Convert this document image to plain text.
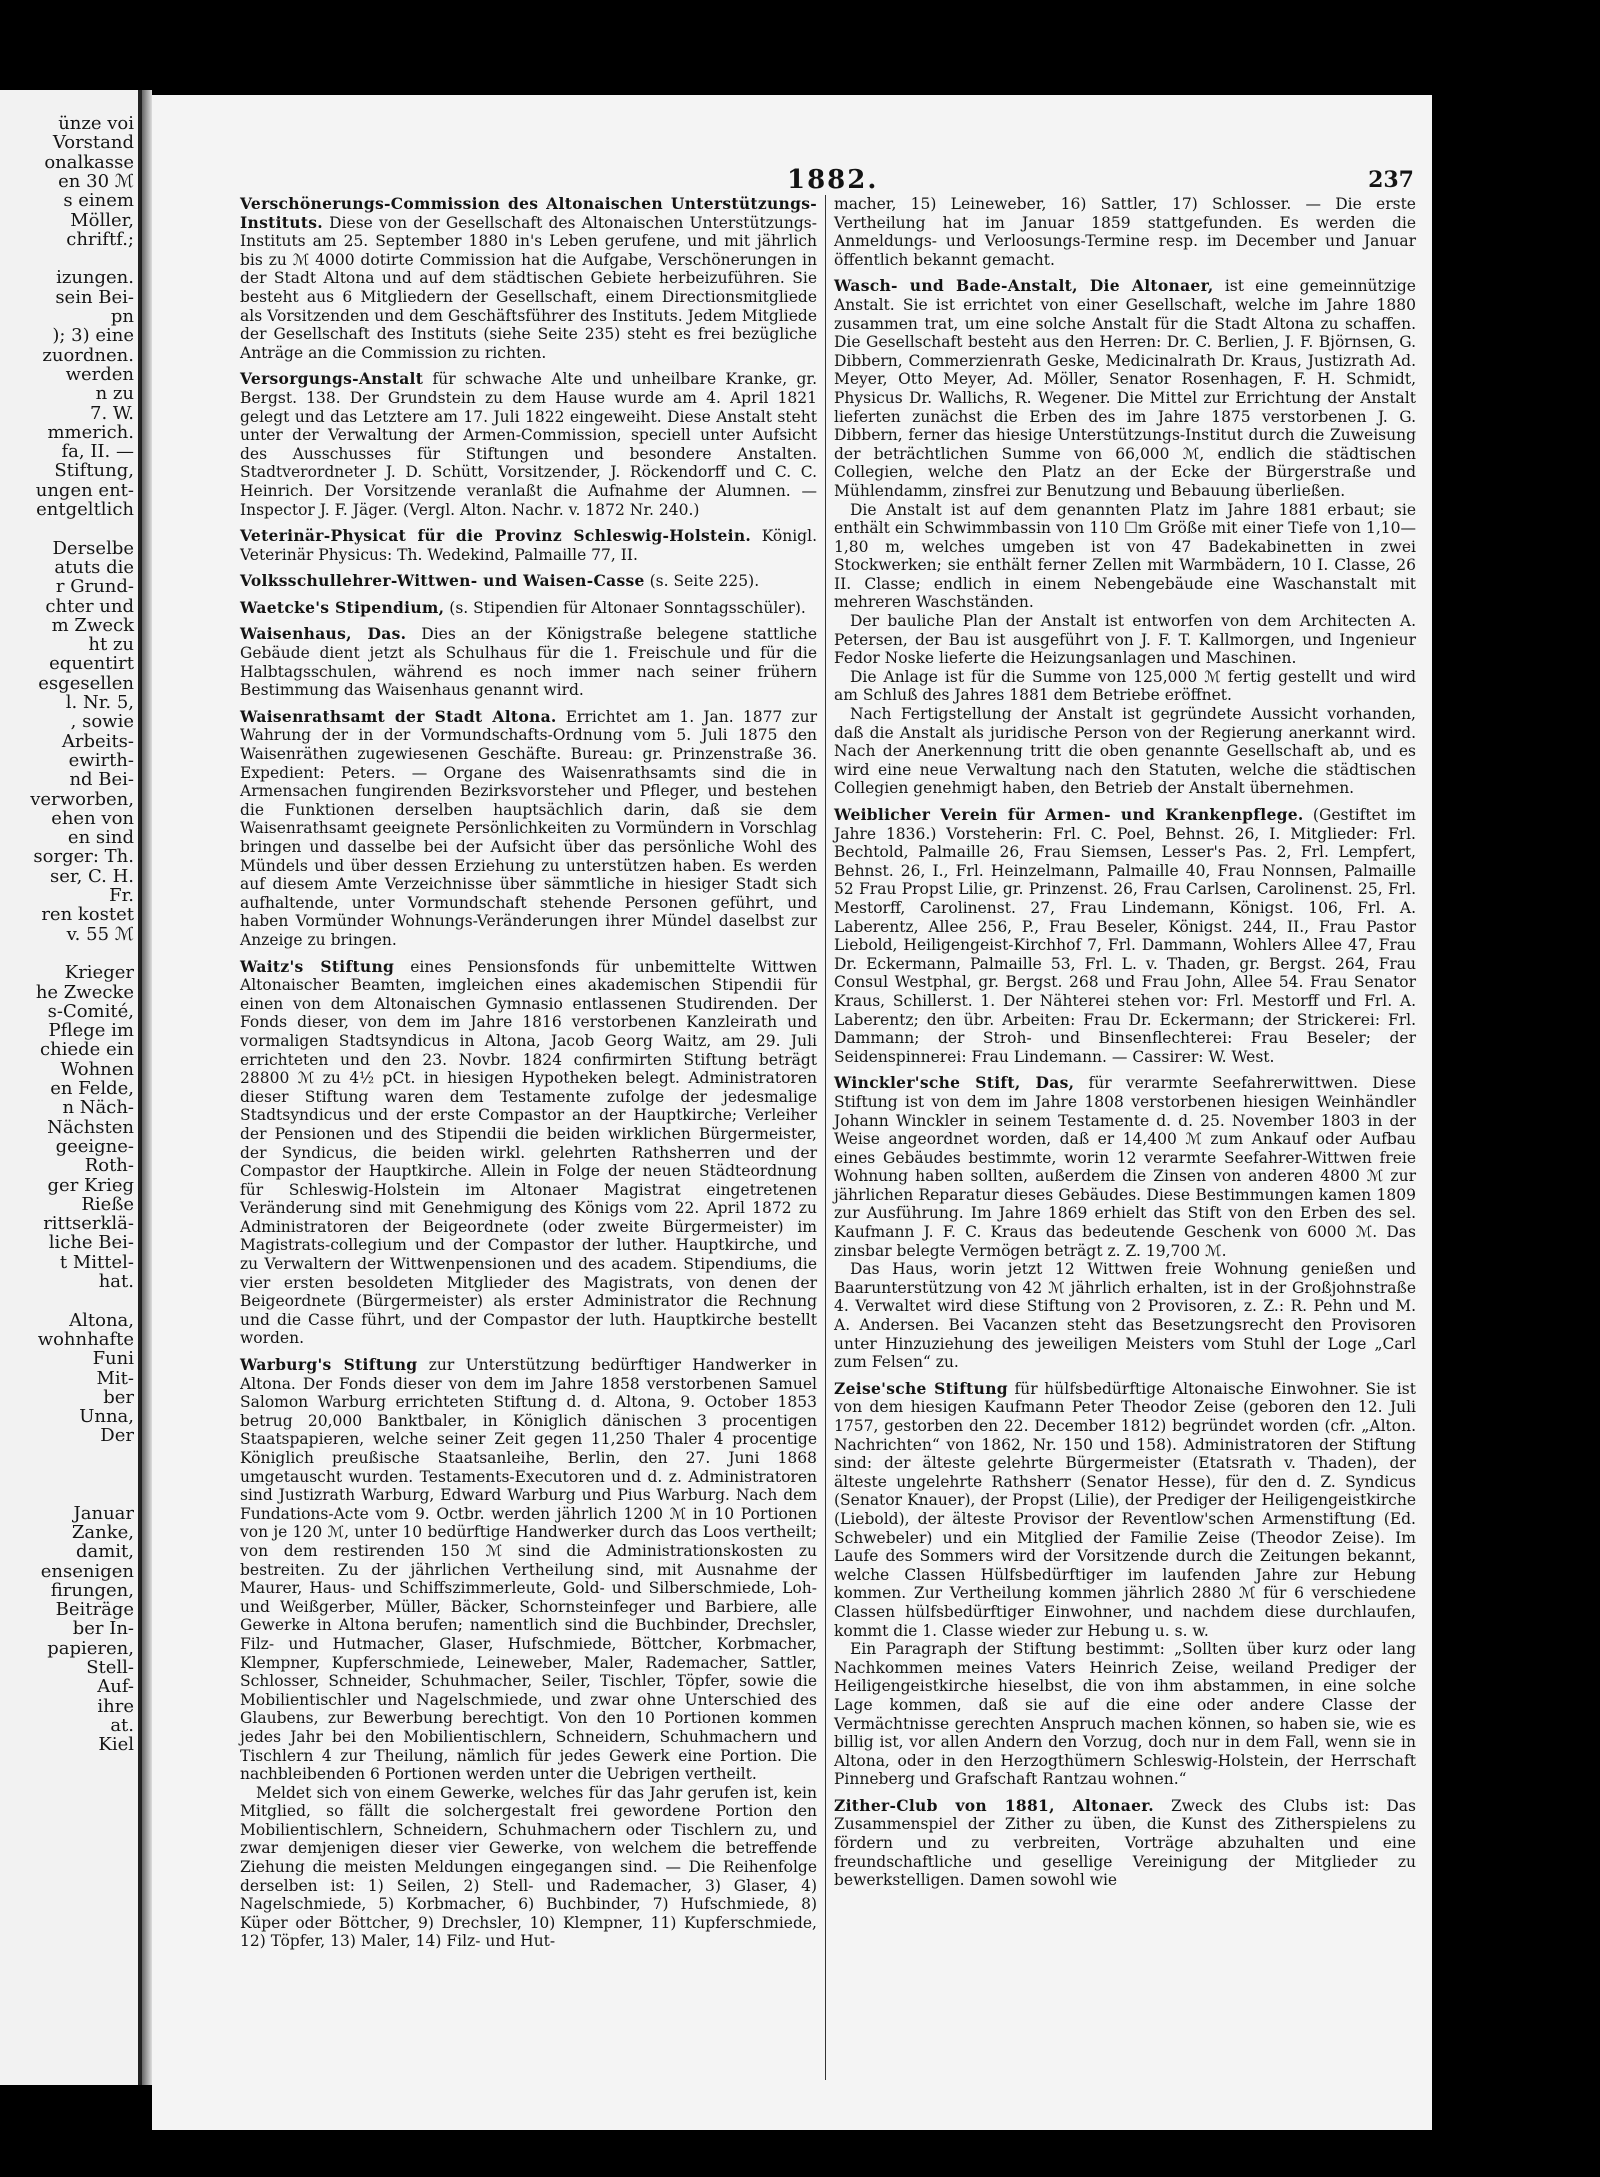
ünze voi
Vorstand
onalkasse
en 30 ℳ
s einem
Möller,
chriftf.;
izungen.
sein Bei-
pn
); 3) eine
zuordnen.
werden
n zu
7. W.
mmerich.
fa, II. —
Stiftung,
ungen ent-
entgeltlich
Derselbe
atuts die
r Grund-
chter und
m Zweck
ht zu
equentirt
esgesellen
l. Nr. 5,
, sowie
Arbeits-
ewirth-
nd Bei-
verworben,
ehen von
en sind
sorger: Th.
ser, C. H.
Fr.
ren kostet
v. 55 ℳ
Krieger
he Zwecke
s-Comité,
Pflege im
chiede ein
Wohnen
en Felde,
n Näch-
Nächsten
geeigne-
Roth-
ger Krieg
Rieße
rittserklä-
liche Bei-
t Mittel-
hat.
Altona,
wohnhafte
Funi
Mit-
ber
Unna,
Der
Januar
Zanke,
damit,
ensenigen
firungen,
Beiträge
ber In-
papieren,
Stell-
Auf-
ihre
at.
Kiel
1882.	237

Verschönerungs-Commission des Altonaischen Unterstützungs-Instituts. Diese von der Gesellschaft des Altonaischen Unterstützungs-Instituts am 25. September 1880 in's Leben gerufene, und mit jährlich bis zu ℳ 4000 dotirte Commission hat die Aufgabe, Verschönerungen in der Stadt Altona und auf dem städtischen Gebiete herbeizuführen. Sie besteht aus 6 Mitgliedern der Gesellschaft, einem Directionsmitgliede als Vorsitzenden und dem Geschäftsführer des Instituts. Jedem Mitgliede der Gesellschaft des Instituts (siehe Seite 235) steht es frei bezügliche Anträge an die Commission zu richten.

Versorgungs-Anstalt für schwache Alte und unheilbare Kranke, gr. Bergst. 138. Der Grundstein zu dem Hause wurde am 4. April 1821 gelegt und das Letztere am 17. Juli 1822 eingeweiht. Diese Anstalt steht unter der Verwaltung der Armen-Commission, speciell unter Aufsicht des Ausschusses für Stiftungen und besondere Anstalten. Stadtverordneter J. D. Schütt, Vorsitzender, J. Röckendorff und C. C. Heinrich. Der Vorsitzende veranlaßt die Aufnahme der Alumnen. — Inspector J. F. Jäger. (Vergl. Alton. Nachr. v. 1872 Nr. 240.)

Veterinär-Physicat für die Provinz Schleswig-Holstein. Königl. Veterinär Physicus: Th. Wedekind, Palmaille 77, II.

Volksschullehrer-Wittwen- und Waisen-Casse (s. Seite 225).

Waetcke's Stipendium, (s. Stipendien für Altonaer Sonntagsschüler).

Waisenhaus, Das. Dies an der Königstraße belegene stattliche Gebäude dient jetzt als Schulhaus für die 1. Freischule und für die Halbtagsschulen, während es noch immer nach seiner frühern Bestimmung das Waisenhaus genannt wird.

Waisenrathsamt der Stadt Altona. Errichtet am 1. Jan. 1877 zur Wahrung der in der Vormundschafts-Ordnung vom 5. Juli 1875 den Waisenräthen zugewiesenen Geschäfte. Bureau: gr. Prinzenstraße 36. Expedient: Peters. — Organe des Waisenrathsamts sind die in Armensachen fungirenden Bezirksvorsteher und Pfleger, und bestehen die Funktionen derselben hauptsächlich darin, daß sie dem Waisenrathsamt geeignete Persönlichkeiten zu Vormündern in Vorschlag bringen und dasselbe bei der Aufsicht über das persönliche Wohl des Mündels und über dessen Erziehung zu unterstützen haben. Es werden auf diesem Amte Verzeichnisse über sämmtliche in hiesiger Stadt sich aufhaltende, unter Vormundschaft stehende Personen geführt, und haben Vormünder Wohnungs-Veränderungen ihrer Mündel daselbst zur Anzeige zu bringen.

Waitz's Stiftung eines Pensionsfonds für unbemittelte Wittwen Altonaischer Beamten, imgleichen eines akademischen Stipendii für einen von dem Altonaischen Gymnasio entlassenen Studirenden. Der Fonds dieser, von dem im Jahre 1816 verstorbenen Kanzleirath und vormaligen Stadtsyndicus in Altona, Jacob Georg Waitz, am 29. Juli errichteten und den 23. Novbr. 1824 confirmirten Stiftung beträgt 28800 ℳ zu 4½ pCt. in hiesigen Hypotheken belegt. Administratoren dieser Stiftung waren dem Testamente zufolge der jedesmalige Stadtsyndicus und der erste Compastor an der Hauptkirche; Verleiher der Pensionen und des Stipendii die beiden wirklichen Bürgermeister, der Syndicus, die beiden wirkl. gelehrten Rathsherren und der Compastor der Hauptkirche. Allein in Folge der neuen Städteordnung für Schleswig-Holstein im Altonaer Magistrat eingetretenen Veränderung sind mit Genehmigung des Königs vom 22. April 1872 zu Administratoren der Beigeordnete (oder zweite Bürgermeister) im Magistrats-collegium und der Compastor der luther. Hauptkirche, und zu Verwaltern der Wittwenpensionen und des academ. Stipendiums, die vier ersten besoldeten Mitglieder des Magistrats, von denen der Beigeordnete (Bürgermeister) als erster Administrator die Rechnung und die Casse führt, und der Compastor der luth. Hauptkirche bestellt worden.

Warburg's Stiftung zur Unterstützung bedürftiger Handwerker in Altona. Der Fonds dieser von dem im Jahre 1858 verstorbenen Samuel Salomon Warburg errichteten Stiftung d. d. Altona, 9. October 1853 betrug 20,000 Banktbaler, in Königlich dänischen 3 procentigen Staatspapieren, welche seiner Zeit gegen 11,250 Thaler 4 procentige Königlich preußische Staatsanleihe, Berlin, den 27. Juni 1868 umgetauscht wurden. Testaments-Executoren und d. z. Administratoren sind Justizrath Warburg, Edward Warburg und Pius Warburg. Nach dem Fundations-Acte vom 9. Octbr. werden jährlich 1200 ℳ in 10 Portionen von je 120 ℳ, unter 10 bedürftige Handwerker durch das Loos vertheilt; von dem restirenden 150 ℳ sind die Administrationskosten zu bestreiten. Zu der jährlichen Vertheilung sind, mit Ausnahme der Maurer, Haus- und Schiffszimmerleute, Gold- und Silberschmiede, Loh- und Weißgerber, Müller, Bäcker, Schornsteinfeger und Barbiere, alle Gewerke in Altona berufen; namentlich sind die Buchbinder, Drechsler, Filz- und Hutmacher, Glaser, Hufschmiede, Böttcher, Korbmacher, Klempner, Kupferschmiede, Leineweber, Maler, Rademacher, Sattler, Schlosser, Schneider, Schuhmacher, Seiler, Tischler, Töpfer, sowie die Mobilientischler und Nagelschmiede, und zwar ohne Unterschied des Glaubens, zur Bewerbung berechtigt. Von den 10 Portionen kommen jedes Jahr bei den Mobilientischlern, Schneidern, Schuhmachern und Tischlern 4 zur Theilung, nämlich für jedes Gewerk eine Portion. Die nachbleibenden 6 Portionen werden unter die Uebrigen vertheilt.

Meldet sich von einem Gewerke, welches für das Jahr gerufen ist, kein Mitglied, so fällt die solchergestalt frei gewordene Portion den Mobilientischlern, Schneidern, Schuhmachern oder Tischlern zu, und zwar demjenigen dieser vier Gewerke, von welchem die betreffende Ziehung die meisten Meldungen eingegangen sind. — Die Reihenfolge derselben ist: 1) Seilen, 2) Stell- und Rademacher, 3) Glaser, 4) Nagelschmiede, 5) Korbmacher, 6) Buchbinder, 7) Hufschmiede, 8) Küper oder Böttcher, 9) Drechsler, 10) Klempner, 11) Kupferschmiede, 12) Töpfer, 13) Maler, 14) Filz- und Hut-

macher, 15) Leineweber, 16) Sattler, 17) Schlosser. — Die erste Vertheilung hat im Januar 1859 stattgefunden. Es werden die Anmeldungs- und Verloosungs-Termine resp. im December und Januar öffentlich bekannt gemacht.

Wasch- und Bade-Anstalt, Die Altonaer, ist eine gemeinnützige Anstalt. Sie ist errichtet von einer Gesellschaft, welche im Jahre 1880 zusammen trat, um eine solche Anstalt für die Stadt Altona zu schaffen. Die Gesellschaft besteht aus den Herren: Dr. C. Berlien, J. F. Björnsen, G. Dibbern, Commerzienrath Geske, Medicinalrath Dr. Kraus, Justizrath Ad. Meyer, Otto Meyer, Ad. Möller, Senator Rosenhagen, F. H. Schmidt, Physicus Dr. Wallichs, R. Wegener. Die Mittel zur Errichtung der Anstalt lieferten zunächst die Erben des im Jahre 1875 verstorbenen J. G. Dibbern, ferner das hiesige Unterstützungs-Institut durch die Zuweisung der beträchtlichen Summe von 66,000 ℳ, endlich die städtischen Collegien, welche den Platz an der Ecke der Bürgerstraße und Mühlendamm, zinsfrei zur Benutzung und Bebauung überließen.

Die Anstalt ist auf dem genannten Platz im Jahre 1881 erbaut; sie enthält ein Schwimmbassin von 110 ☐m Größe mit einer Tiefe von 1,10—1,80 m, welches umgeben ist von 47 Badekabinetten in zwei Stockwerken; sie enthält ferner Zellen mit Warmbädern, 10 I. Classe, 26 II. Classe; endlich in einem Nebengebäude eine Waschanstalt mit mehreren Waschständen.

Der bauliche Plan der Anstalt ist entworfen von dem Architecten A. Petersen, der Bau ist ausgeführt von J. F. T. Kallmorgen, und Ingenieur Fedor Noske lieferte die Heizungsanlagen und Maschinen.

Die Anlage ist für die Summe von 125,000 ℳ fertig gestellt und wird am Schluß des Jahres 1881 dem Betriebe eröffnet.

Nach Fertigstellung der Anstalt ist gegründete Aussicht vorhanden, daß die Anstalt als juridische Person von der Regierung anerkannt wird. Nach der Anerkennung tritt die oben genannte Gesellschaft ab, und es wird eine neue Verwaltung nach den Statuten, welche die städtischen Collegien genehmigt haben, den Betrieb der Anstalt übernehmen.

Weiblicher Verein für Armen- und Krankenpflege. (Gestiftet im Jahre 1836.) Vorsteherin: Frl. C. Poel, Behnst. 26, I. Mitglieder: Frl. Bechtold, Palmaille 26, Frau Siemsen, Lesser's Pas. 2, Frl. Lempfert, Behnst. 26, I., Frl. Heinzelmann, Palmaille 40, Frau Nonnsen, Palmaille 52 Frau Propst Lilie, gr. Prinzenst. 26, Frau Carlsen, Carolinenst. 25, Frl. Mestorff, Carolinenst. 27, Frau Lindemann, Königst. 106, Frl. A. Laberentz, Allee 256, P., Frau Beseler, Königst. 244, II., Frau Pastor Liebold, Heiligengeist-Kirchhof 7, Frl. Dammann, Wohlers Allee 47, Frau Dr. Eckermann, Palmaille 53, Frl. L. v. Thaden, gr. Bergst. 264, Frau Consul Westphal, gr. Bergst. 268 und Frau John, Allee 54. Frau Senator Kraus, Schillerst. 1. Der Nähterei stehen vor: Frl. Mestorff und Frl. A. Laberentz; den übr. Arbeiten: Frau Dr. Eckermann; der Strickerei: Frl. Dammann; der Stroh- und Binsenflechterei: Frau Beseler; der Seidenspinnerei: Frau Lindemann. — Cassirer: W. West.

Winckler'sche Stift, Das, für verarmte Seefahrerwittwen. Diese Stiftung ist von dem im Jahre 1808 verstorbenen hiesigen Weinhändler Johann Winckler in seinem Testamente d. d. 25. November 1803 in der Weise angeordnet worden, daß er 14,400 ℳ zum Ankauf oder Aufbau eines Gebäudes bestimmte, worin 12 verarmte Seefahrer-Wittwen freie Wohnung haben sollten, außerdem die Zinsen von anderen 4800 ℳ zur jährlichen Reparatur dieses Gebäudes. Diese Bestimmungen kamen 1809 zur Ausführung. Im Jahre 1869 erhielt das Stift von den Erben des sel. Kaufmann J. F. C. Kraus das bedeutende Geschenk von 6000 ℳ. Das zinsbar belegte Vermögen beträgt z. Z. 19,700 ℳ.

Das Haus, worin jetzt 12 Wittwen freie Wohnung genießen und Baarunterstützung von 42 ℳ jährlich erhalten, ist in der Großjohnstraße 4. Verwaltet wird diese Stiftung von 2 Provisoren, z. Z.: R. Pehn und M. A. Andersen. Bei Vacanzen steht das Besetzungsrecht den Provisoren unter Hinzuziehung des jeweiligen Meisters vom Stuhl der Loge „Carl zum Felsen“ zu.

Zeise'sche Stiftung für hülfsbedürftige Altonaische Einwohner. Sie ist von dem hiesigen Kaufmann Peter Theodor Zeise (geboren den 12. Juli 1757, gestorben den 22. December 1812) begründet worden (cfr. „Alton. Nachrichten“ von 1862, Nr. 150 und 158). Administratoren der Stiftung sind: der älteste gelehrte Bürgermeister (Etatsrath v. Thaden), der älteste ungelehrte Rathsherr (Senator Hesse), für den d. Z. Syndicus (Senator Knauer), der Propst (Lilie), der Prediger der Heiligengeistkirche (Liebold), der älteste Provisor der Reventlow'schen Armenstiftung (Ed. Schwebeler) und ein Mitglied der Familie Zeise (Theodor Zeise). Im Laufe des Sommers wird der Vorsitzende durch die Zeitungen bekannt, welche Classen Hülfsbedürftiger im laufenden Jahre zur Hebung kommen. Zur Vertheilung kommen jährlich 2880 ℳ für 6 verschiedene Classen hülfsbedürftiger Einwohner, und nachdem diese durchlaufen, kommt die 1. Classe wieder zur Hebung u. s. w.

Ein Paragraph der Stiftung bestimmt: „Sollten über kurz oder lang Nachkommen meines Vaters Heinrich Zeise, weiland Prediger der Heiligengeistkirche hieselbst, die von ihm abstammen, in eine solche Lage kommen, daß sie auf die eine oder andere Classe der Vermächtnisse gerechten Anspruch machen können, so haben sie, wie es billig ist, vor allen Andern den Vorzug, doch nur in dem Fall, wenn sie in Altona, oder in den Herzogthümern Schleswig-Holstein, der Herrschaft Pinneberg und Grafschaft Rantzau wohnen.“

Zither-Club von 1881, Altonaer. Zweck des Clubs ist: Das Zusammenspiel der Zither zu üben, die Kunst des Zitherspielens zu fördern und zu verbreiten, Vorträge abzuhalten und eine freundschaftliche und gesellige Vereinigung der Mitglieder zu bewerkstelligen. Damen sowohl wie
